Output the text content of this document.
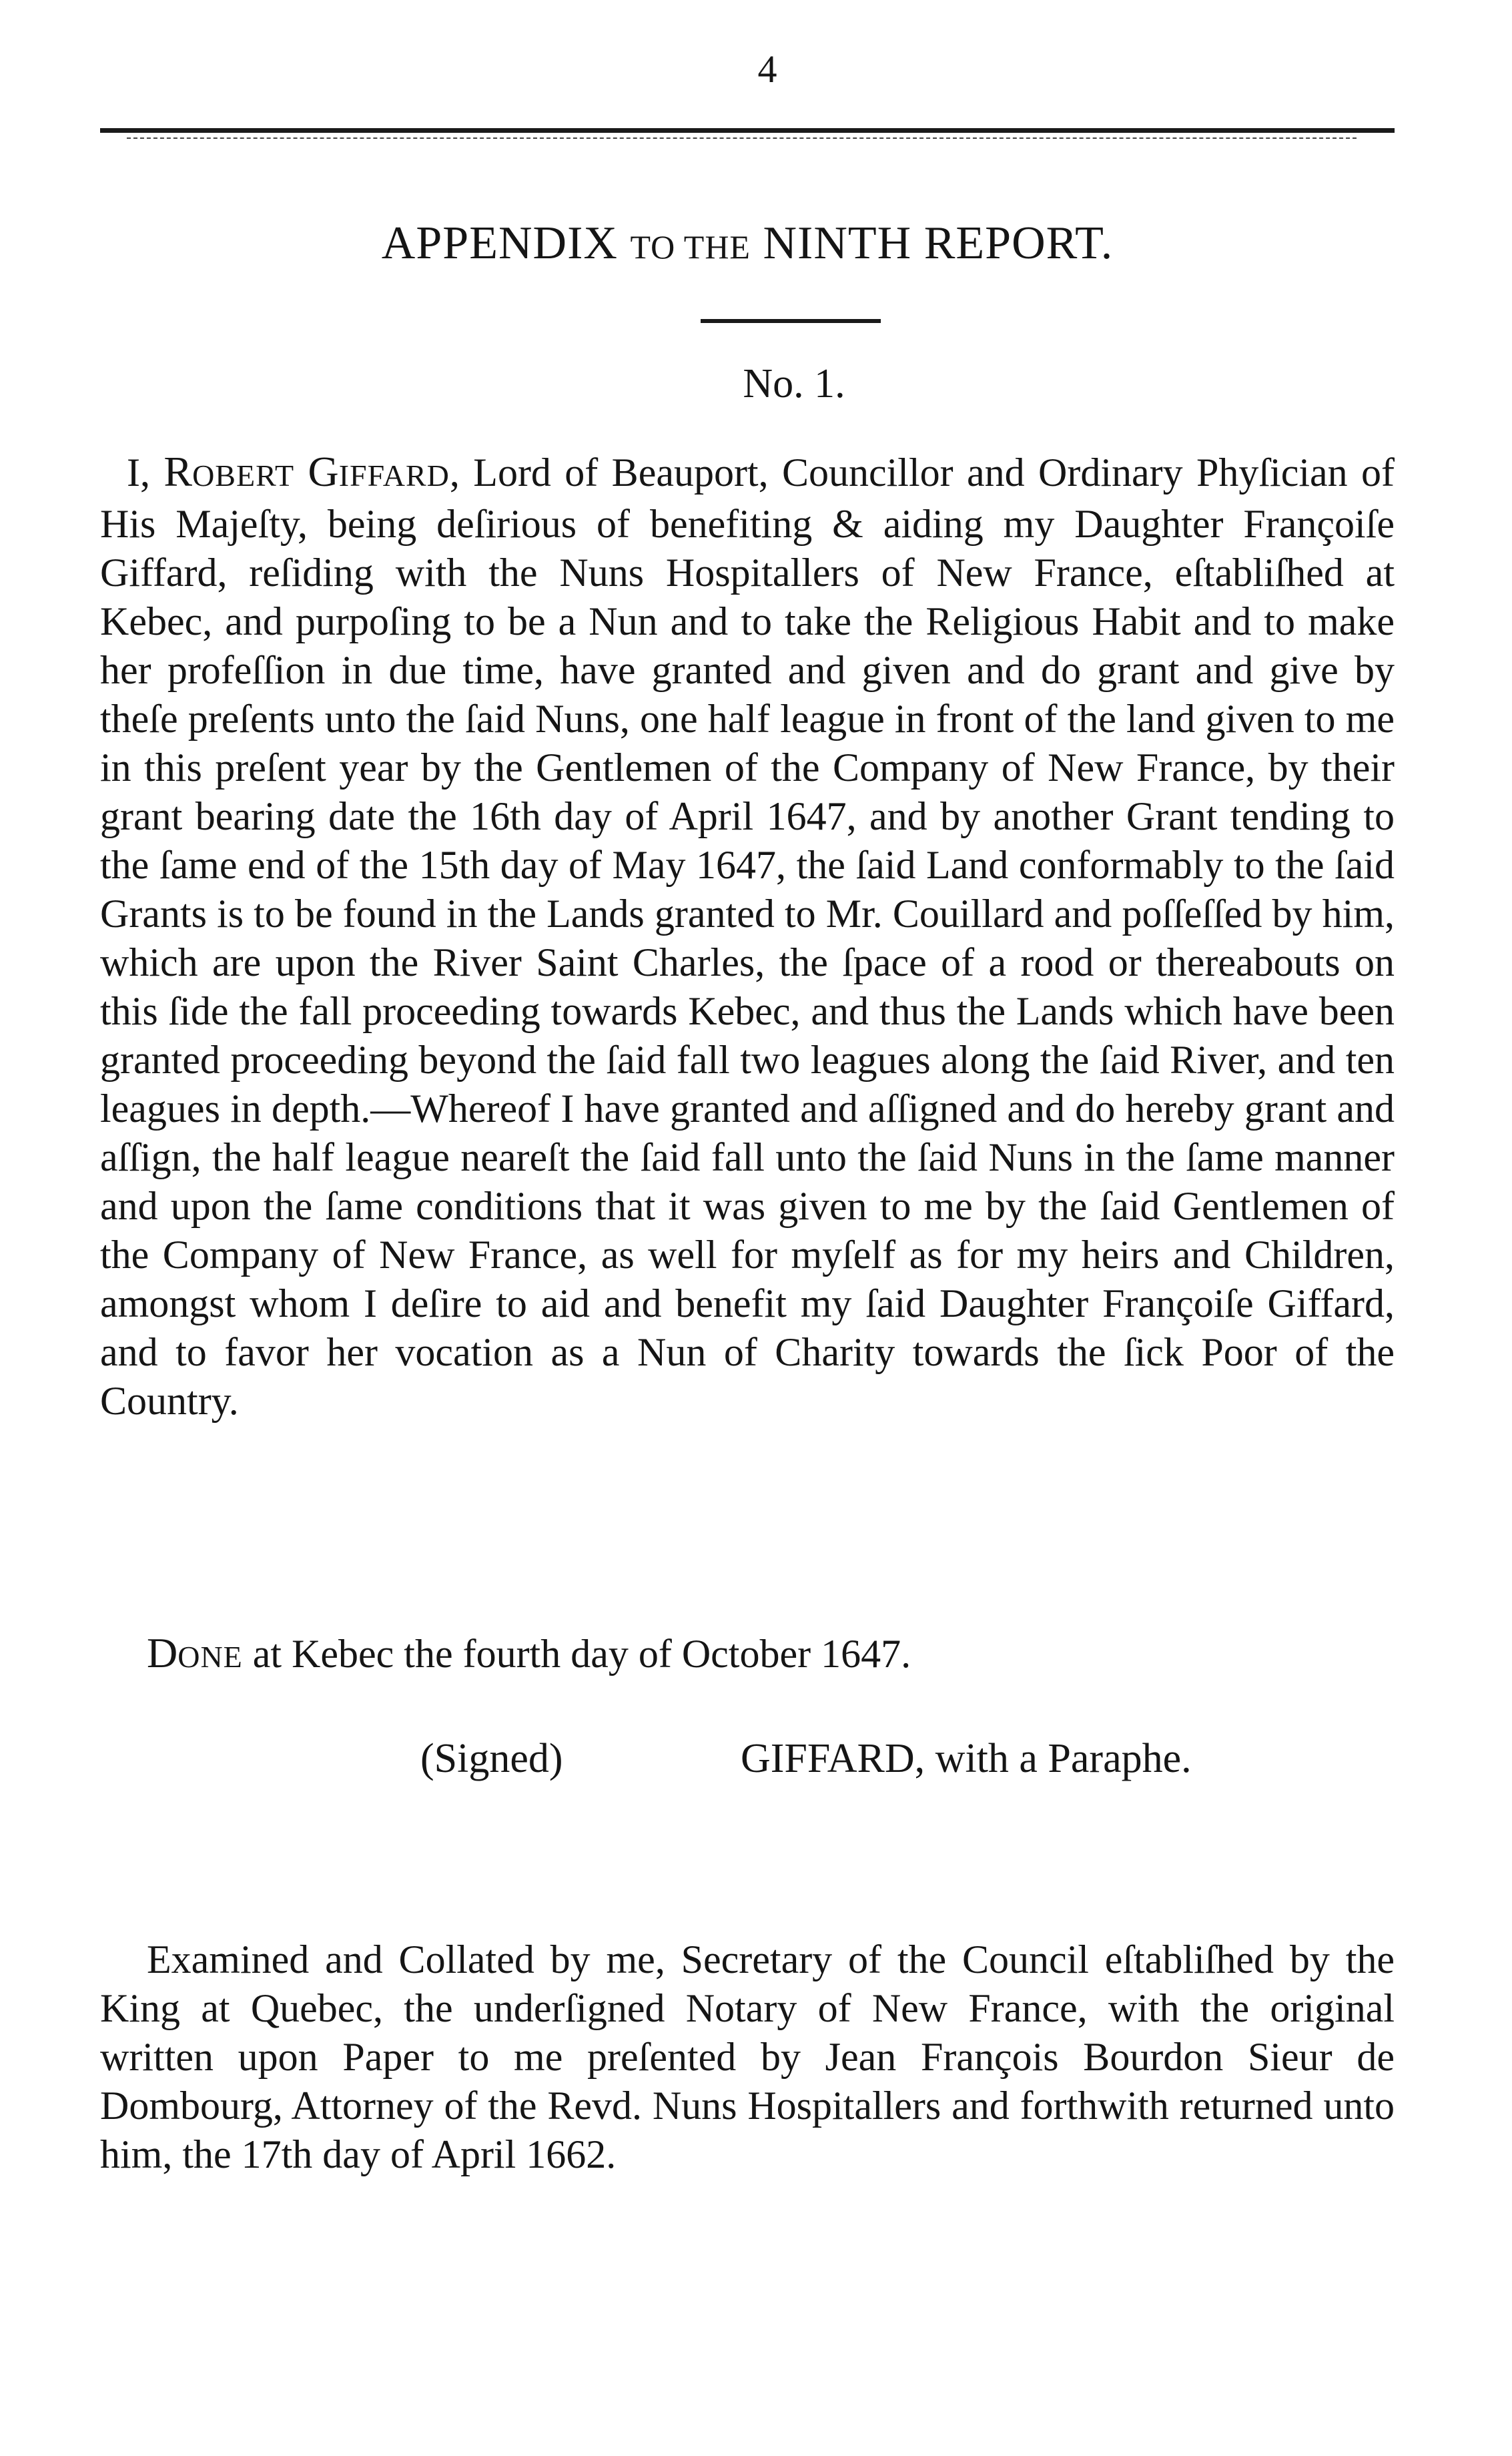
4
APPENDIX TO THE NINTH REPORT.
No. 1.

I, ROBERT GIFFARD, Lord of Beauport, Councillor and Ordinary Phyſician of His Majeſty, being deſirious of benefiting & aiding my Daughter Françoiſe Giffard, reſiding with the Nuns Hospitallers of New France, eſtabliſhed at Kebec, and purpoſing to be a Nun and to take the Religious Habit and to make her profeſſion in due time, have granted and given and do grant and give by theſe preſents unto the ſaid Nuns, one half league in front of the land given to me in this preſent year by the Gentlemen of the Company of New France, by their grant bearing date the 16th day of April 1647, and by another Grant tending to the ſame end of the 15th day of May 1647, the ſaid Land conformably to the ſaid Grants is to be found in the Lands granted to Mr. Couillard and poſſeſſed by him, which are upon the River Saint Charles, the ſpace of a rood or thereabouts on this ſide the fall proceeding towards Kebec, and thus the Lands which have been granted proceeding beyond the ſaid fall two leagues along the ſaid River, and ten leagues in depth.—Whereof I have granted and aſſigned and do hereby grant and aſſign, the half league neareſt the ſaid fall unto the ſaid Nuns in the ſame manner and upon the ſame conditions that it was given to me by the ſaid Gentlemen of the Company of New France, as well for myſelf as for my heirs and Children, amongst whom I deſire to aid and benefit my ſaid Daughter Françoiſe Giffard, and to favor her vocation as a Nun of Charity towards the ſick Poor of the Country.

DONE at Kebec the fourth day of October 1647.
(Signed)	GIFFARD, with a Paraphe.

Examined and Collated by me, Secretary of the Council eſtabliſhed by the King at Quebec, the underſigned Notary of New France, with the original written upon Paper to me preſented by Jean François Bourdon Sieur de Dombourg, Attorney of the Revd. Nuns Hospitallers and forthwith returned unto him, the 17th day of April 1662.
